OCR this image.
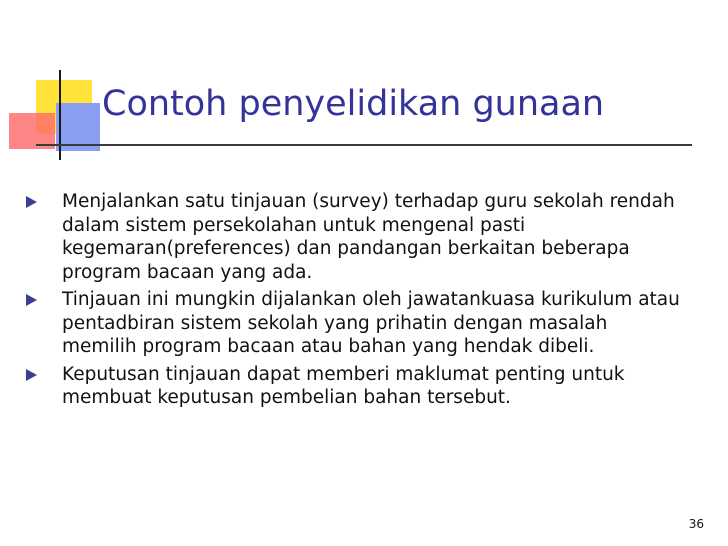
Contoh penyelidikan gunaan
Menjalankan satu tinjauan (survey) terhadap guru sekolah rendah dalam sistem persekolahan untuk mengenal pasti kegemaran(preferences) dan pandangan berkaitan beberapa program bacaan yang ada.
Tinjauan ini mungkin dijalankan oleh jawatankuasa kurikulum atau pentadbiran sistem sekolah yang prihatin dengan masalah memilih program bacaan atau bahan yang hendak dibeli.
Keputusan tinjauan dapat memberi maklumat penting untuk membuat keputusan pembelian bahan tersebut.
36
